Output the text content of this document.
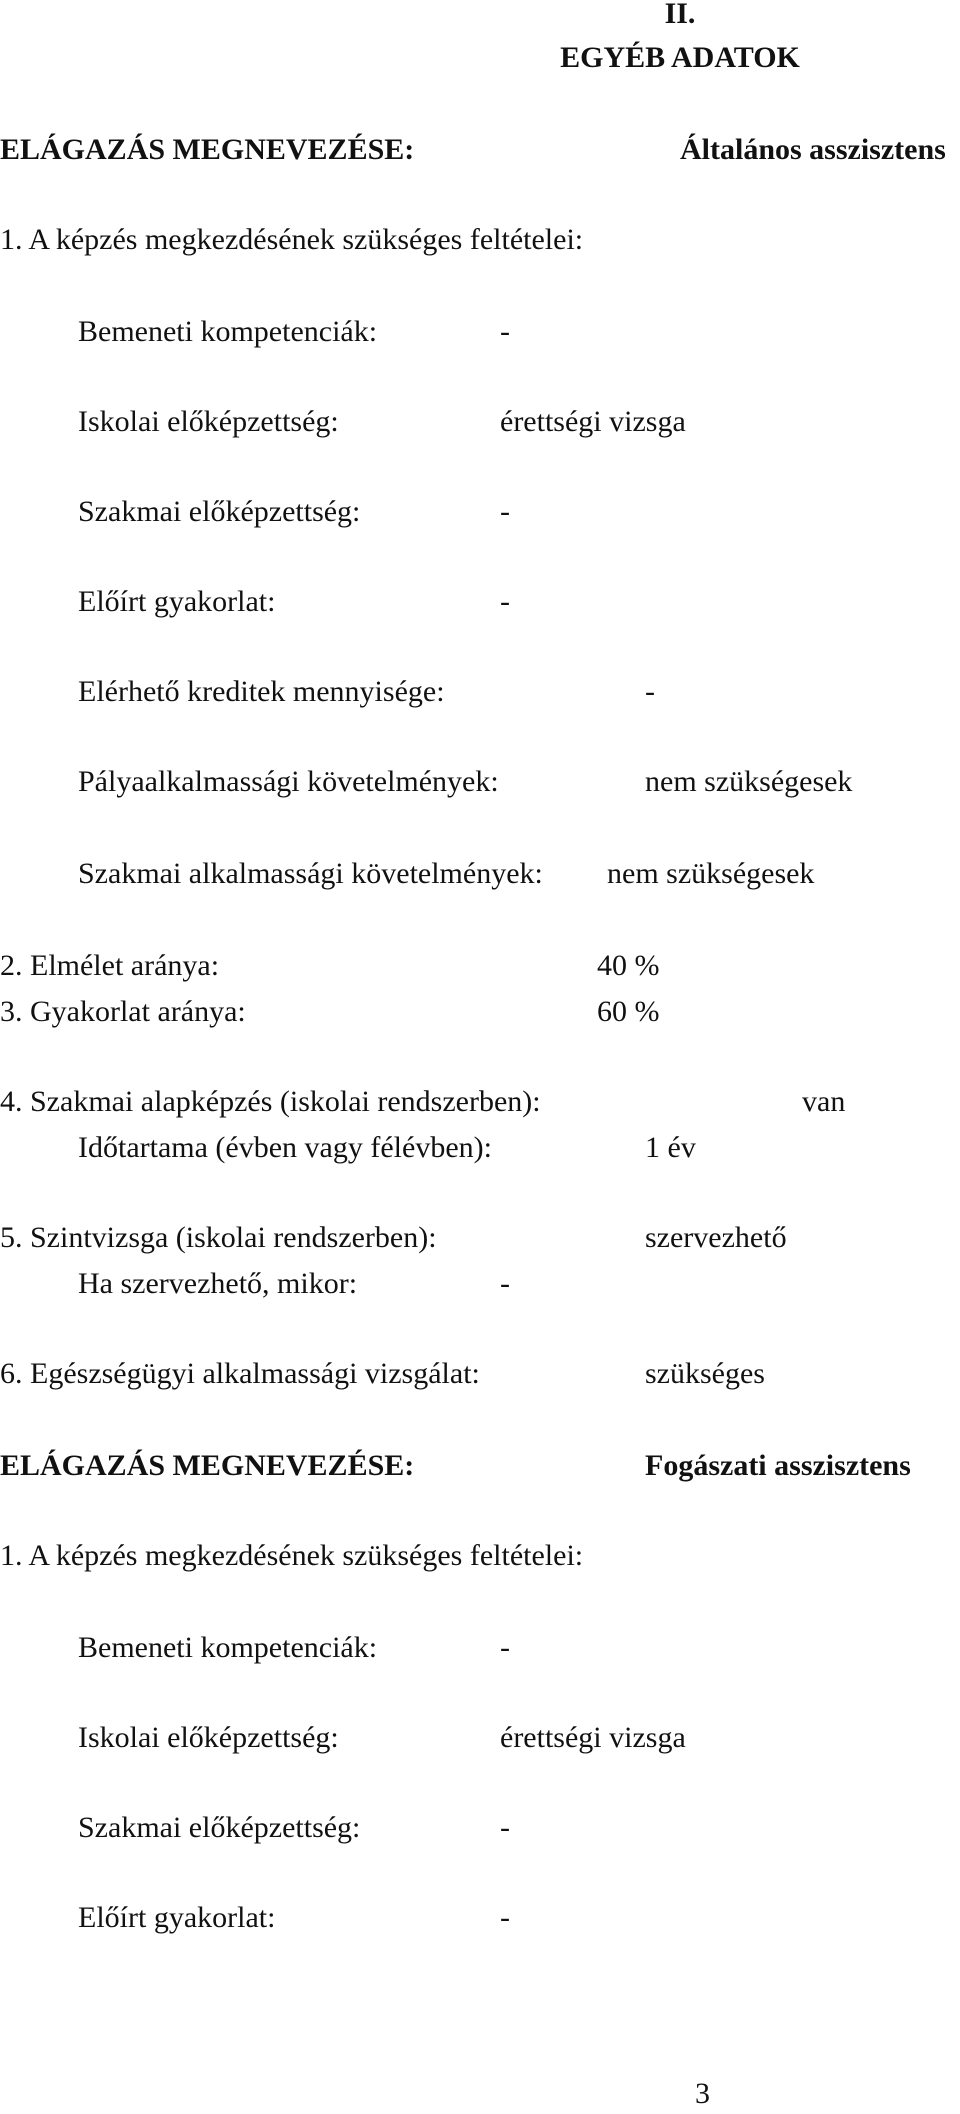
II.
EGYÉB ADATOK
ELÁGAZÁS MEGNEVEZÉSE:	Általános asszisztens
1. A képzés megkezdésének szükséges feltételei:
Bemeneti kompetenciák:	-
Iskolai előképzettség:	érettségi vizsga
Szakmai előképzettség:	-
Előírt gyakorlat:	-
Elérhető kreditek mennyisége:	-
Pályaalkalmassági követelmények:	nem szükségesek
Szakmai alkalmassági követelmények: nem szükségesek
2. Elmélet aránya:	40 %
3. Gyakorlat aránya:	60 %
4. Szakmai alapképzés (iskolai rendszerben):	van
Időtartama (évben vagy félévben):	1 év
5. Szintvizsga (iskolai rendszerben):	szervezhető
Ha szervezhető, mikor:	-
6. Egészségügyi alkalmassági vizsgálat:	szükséges
ELÁGAZÁS MEGNEVEZÉSE:	Fogászati asszisztens
1. A képzés megkezdésének szükséges feltételei:
Bemeneti kompetenciák:	-
Iskolai előképzettség:	érettségi vizsga
Szakmai előképzettség:	-
Előírt gyakorlat:	-
3
